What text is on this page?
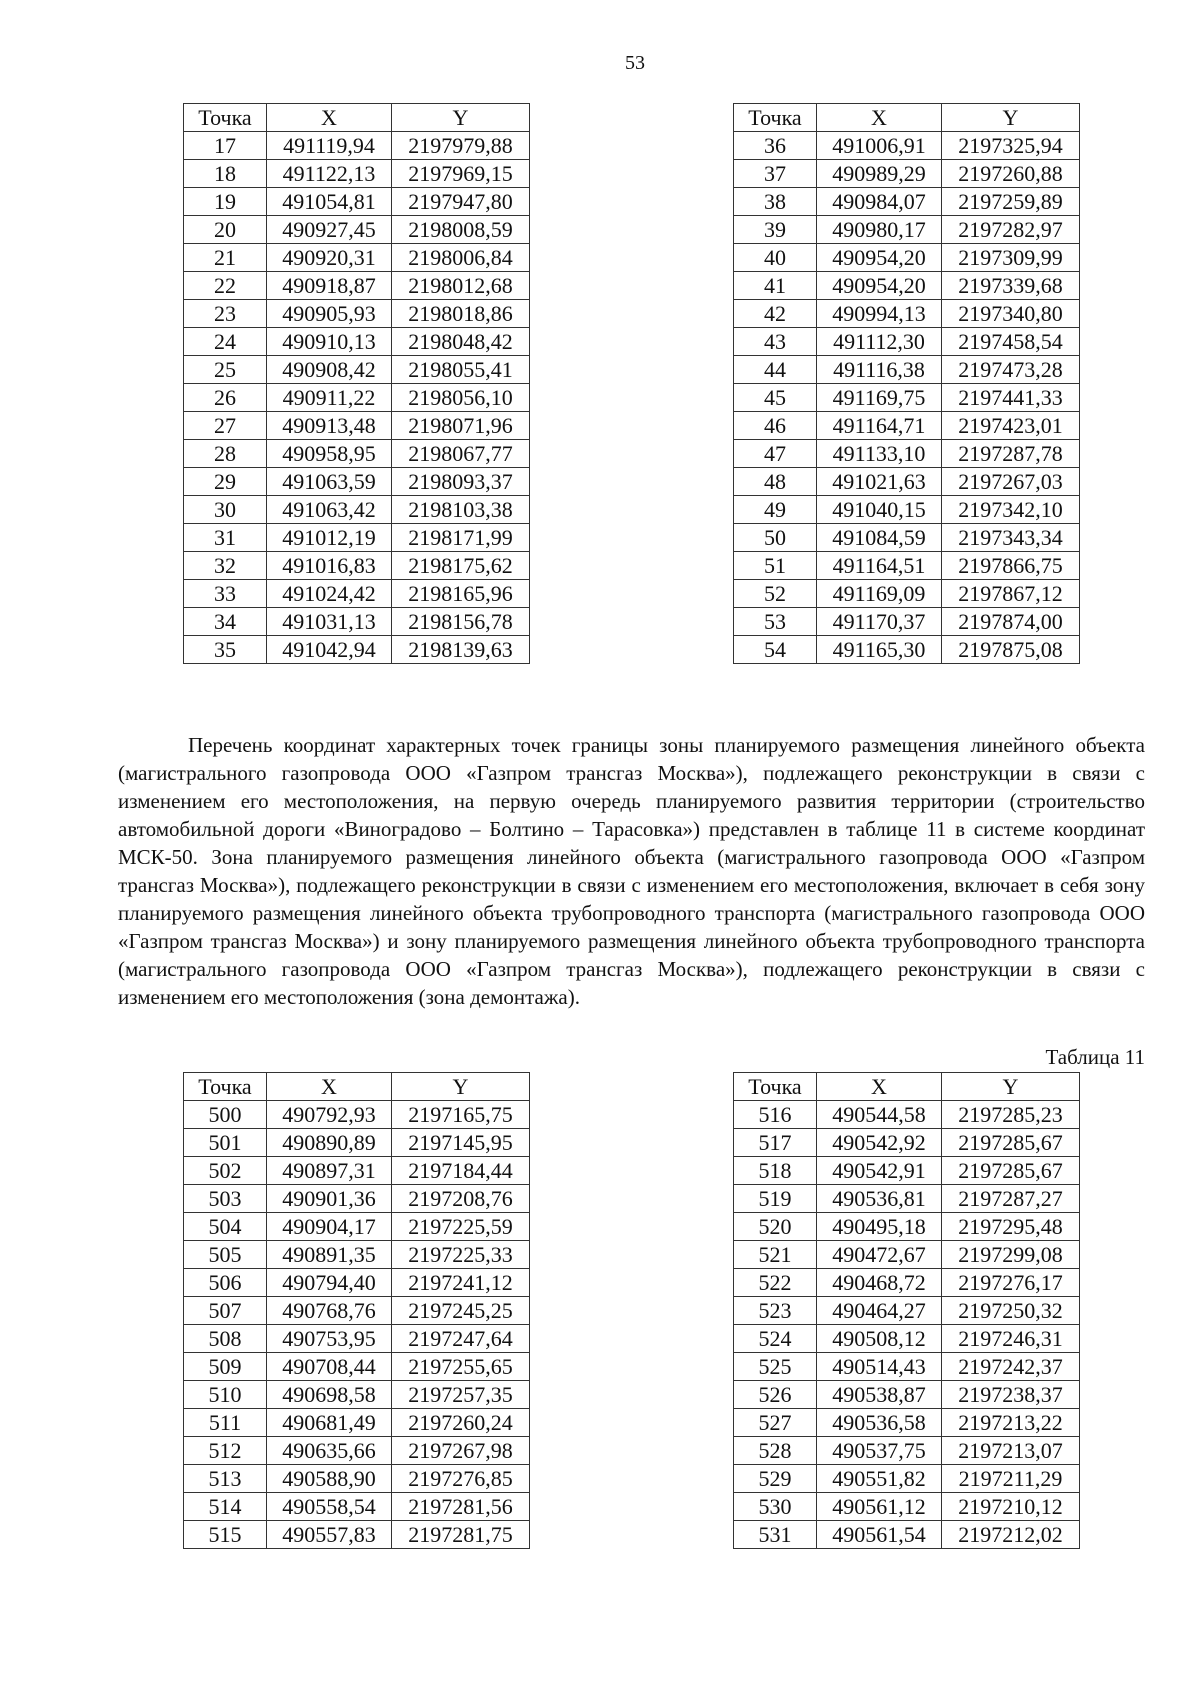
53
Точка	X	Y
17	491119,94	2197979,88
18	491122,13	2197969,15
19	491054,81	2197947,80
20	490927,45	2198008,59
21	490920,31	2198006,84
22	490918,87	2198012,68
23	490905,93	2198018,86
24	490910,13	2198048,42
25	490908,42	2198055,41
26	490911,22	2198056,10
27	490913,48	2198071,96
28	490958,95	2198067,77
29	491063,59	2198093,37
30	491063,42	2198103,38
31	491012,19	2198171,99
32	491016,83	2198175,62
33	491024,42	2198165,96
34	491031,13	2198156,78
35	491042,94	2198139,63
Точка	X	Y
36	491006,91	2197325,94
37	490989,29	2197260,88
38	490984,07	2197259,89
39	490980,17	2197282,97
40	490954,20	2197309,99
41	490954,20	2197339,68
42	490994,13	2197340,80
43	491112,30	2197458,54
44	491116,38	2197473,28
45	491169,75	2197441,33
46	491164,71	2197423,01
47	491133,10	2197287,78
48	491021,63	2197267,03
49	491040,15	2197342,10
50	491084,59	2197343,34
51	491164,51	2197866,75
52	491169,09	2197867,12
53	491170,37	2197874,00
54	491165,30	2197875,08

Перечень координат характерных точек границы зоны планируемого размещения линейного объекта (магистрального газопровода ООО «Газпром трансгаз Москва»), подлежащего реконструкции в связи с изменением его местоположения, на первую очередь планируемого развития территории (строительство автомобильной дороги «Виноградово – Болтино – Тарасовка») представлен в таблице 11 в системе координат МСК-50. Зона планируемого размещения линейного объекта (магистрального газопровода ООО «Газпром трансгаз Москва»), подлежащего реконструкции в связи с изменением его местоположения, включает в себя зону планируемого размещения линейного объекта трубопроводного транспорта (магистрального газопровода ООО «Газпром трансгаз Москва») и зону планируемого размещения линейного объекта трубопроводного транспорта (магистрального газопровода ООО «Газпром трансгаз Москва»), подлежащего реконструкции в связи с изменением его местоположения (зона демонтажа).

Таблица 11
Точка	X	Y
500	490792,93	2197165,75
501	490890,89	2197145,95
502	490897,31	2197184,44
503	490901,36	2197208,76
504	490904,17	2197225,59
505	490891,35	2197225,33
506	490794,40	2197241,12
507	490768,76	2197245,25
508	490753,95	2197247,64
509	490708,44	2197255,65
510	490698,58	2197257,35
511	490681,49	2197260,24
512	490635,66	2197267,98
513	490588,90	2197276,85
514	490558,54	2197281,56
515	490557,83	2197281,75
Точка	X	Y
516	490544,58	2197285,23
517	490542,92	2197285,67
518	490542,91	2197285,67
519	490536,81	2197287,27
520	490495,18	2197295,48
521	490472,67	2197299,08
522	490468,72	2197276,17
523	490464,27	2197250,32
524	490508,12	2197246,31
525	490514,43	2197242,37
526	490538,87	2197238,37
527	490536,58	2197213,22
528	490537,75	2197213,07
529	490551,82	2197211,29
530	490561,12	2197210,12
531	490561,54	2197212,02
